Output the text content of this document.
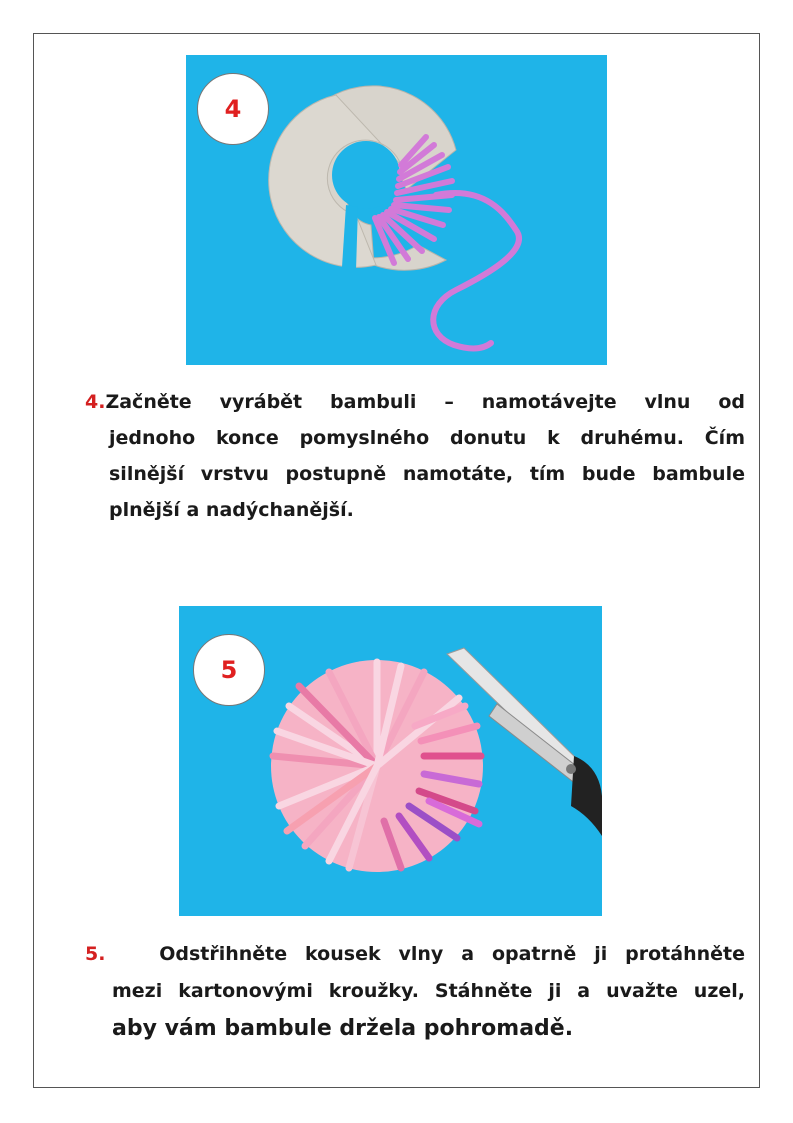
4

4.Začněte vyrábět bambuli – namotávejte vlnu od

jednoho konce pomyslného donutu k druhému. Čím

silnější vrstvu postupně namotáte, tím bude bambule

plnější a nadýchanější.

5

5.	Odstřihněte kousek vlny a opatrně ji protáhněte

mezi kartonovými kroužky. Stáhněte ji a uvažte uzel,

aby vám bambule držela pohromadě.
